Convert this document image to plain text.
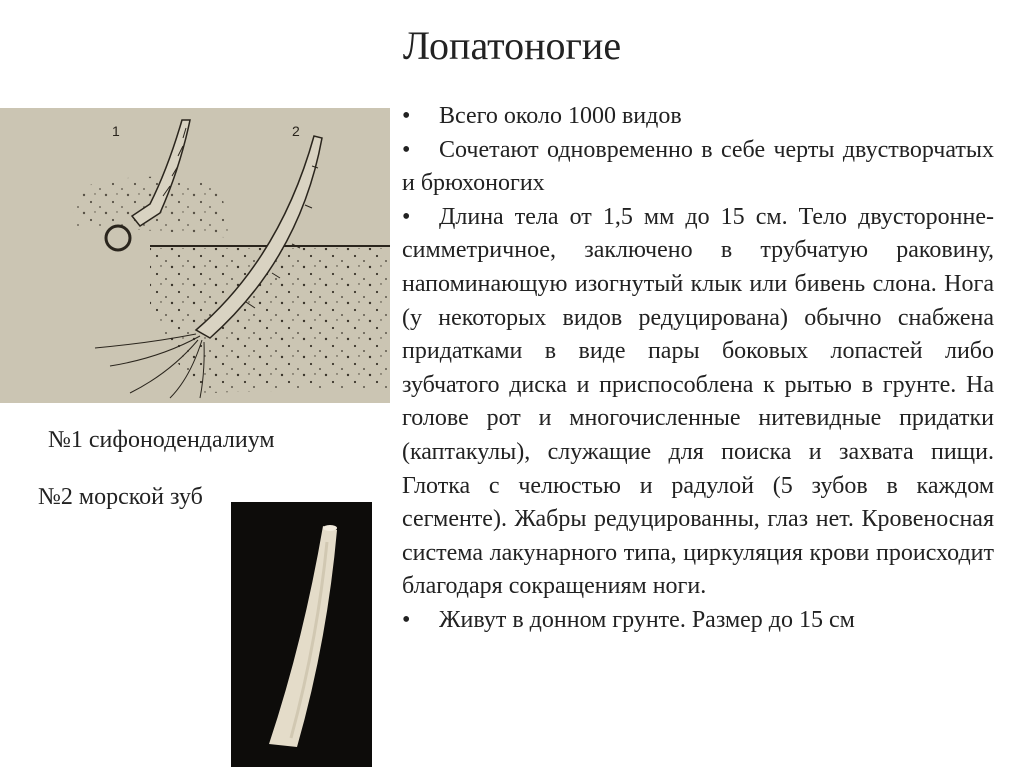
Лопатоногие
1	2
№1 сифонодендалиум
№2 морской зуб

• Всего около 1000 видов

• Сочетают одновременно в себе черты двустворчатых и брюхоногих

• Длина тела от 1,5 мм до 15 см. Тело двусторонне-симметричное, заключено в трубчатую раковину, напоминающую изогнутый клык или бивень слона. Нога (у некоторых видов редуцирована) обычно снабжена придатками в виде пары боковых лопастей либо зубчатого диска и приспособлена к рытью в грунте. На голове рот и многочисленные нитевидные придатки (каптакулы), служащие для поиска и захвата пищи. Глотка с челюстью и радулой (5 зубов в каждом сегменте). Жабры редуцированны, глаз нет. Кровеносная система лакунарного типа, циркуляция крови происходит благодаря сокращениям ноги.

• Живут в донном грунте. Размер до 15 см
